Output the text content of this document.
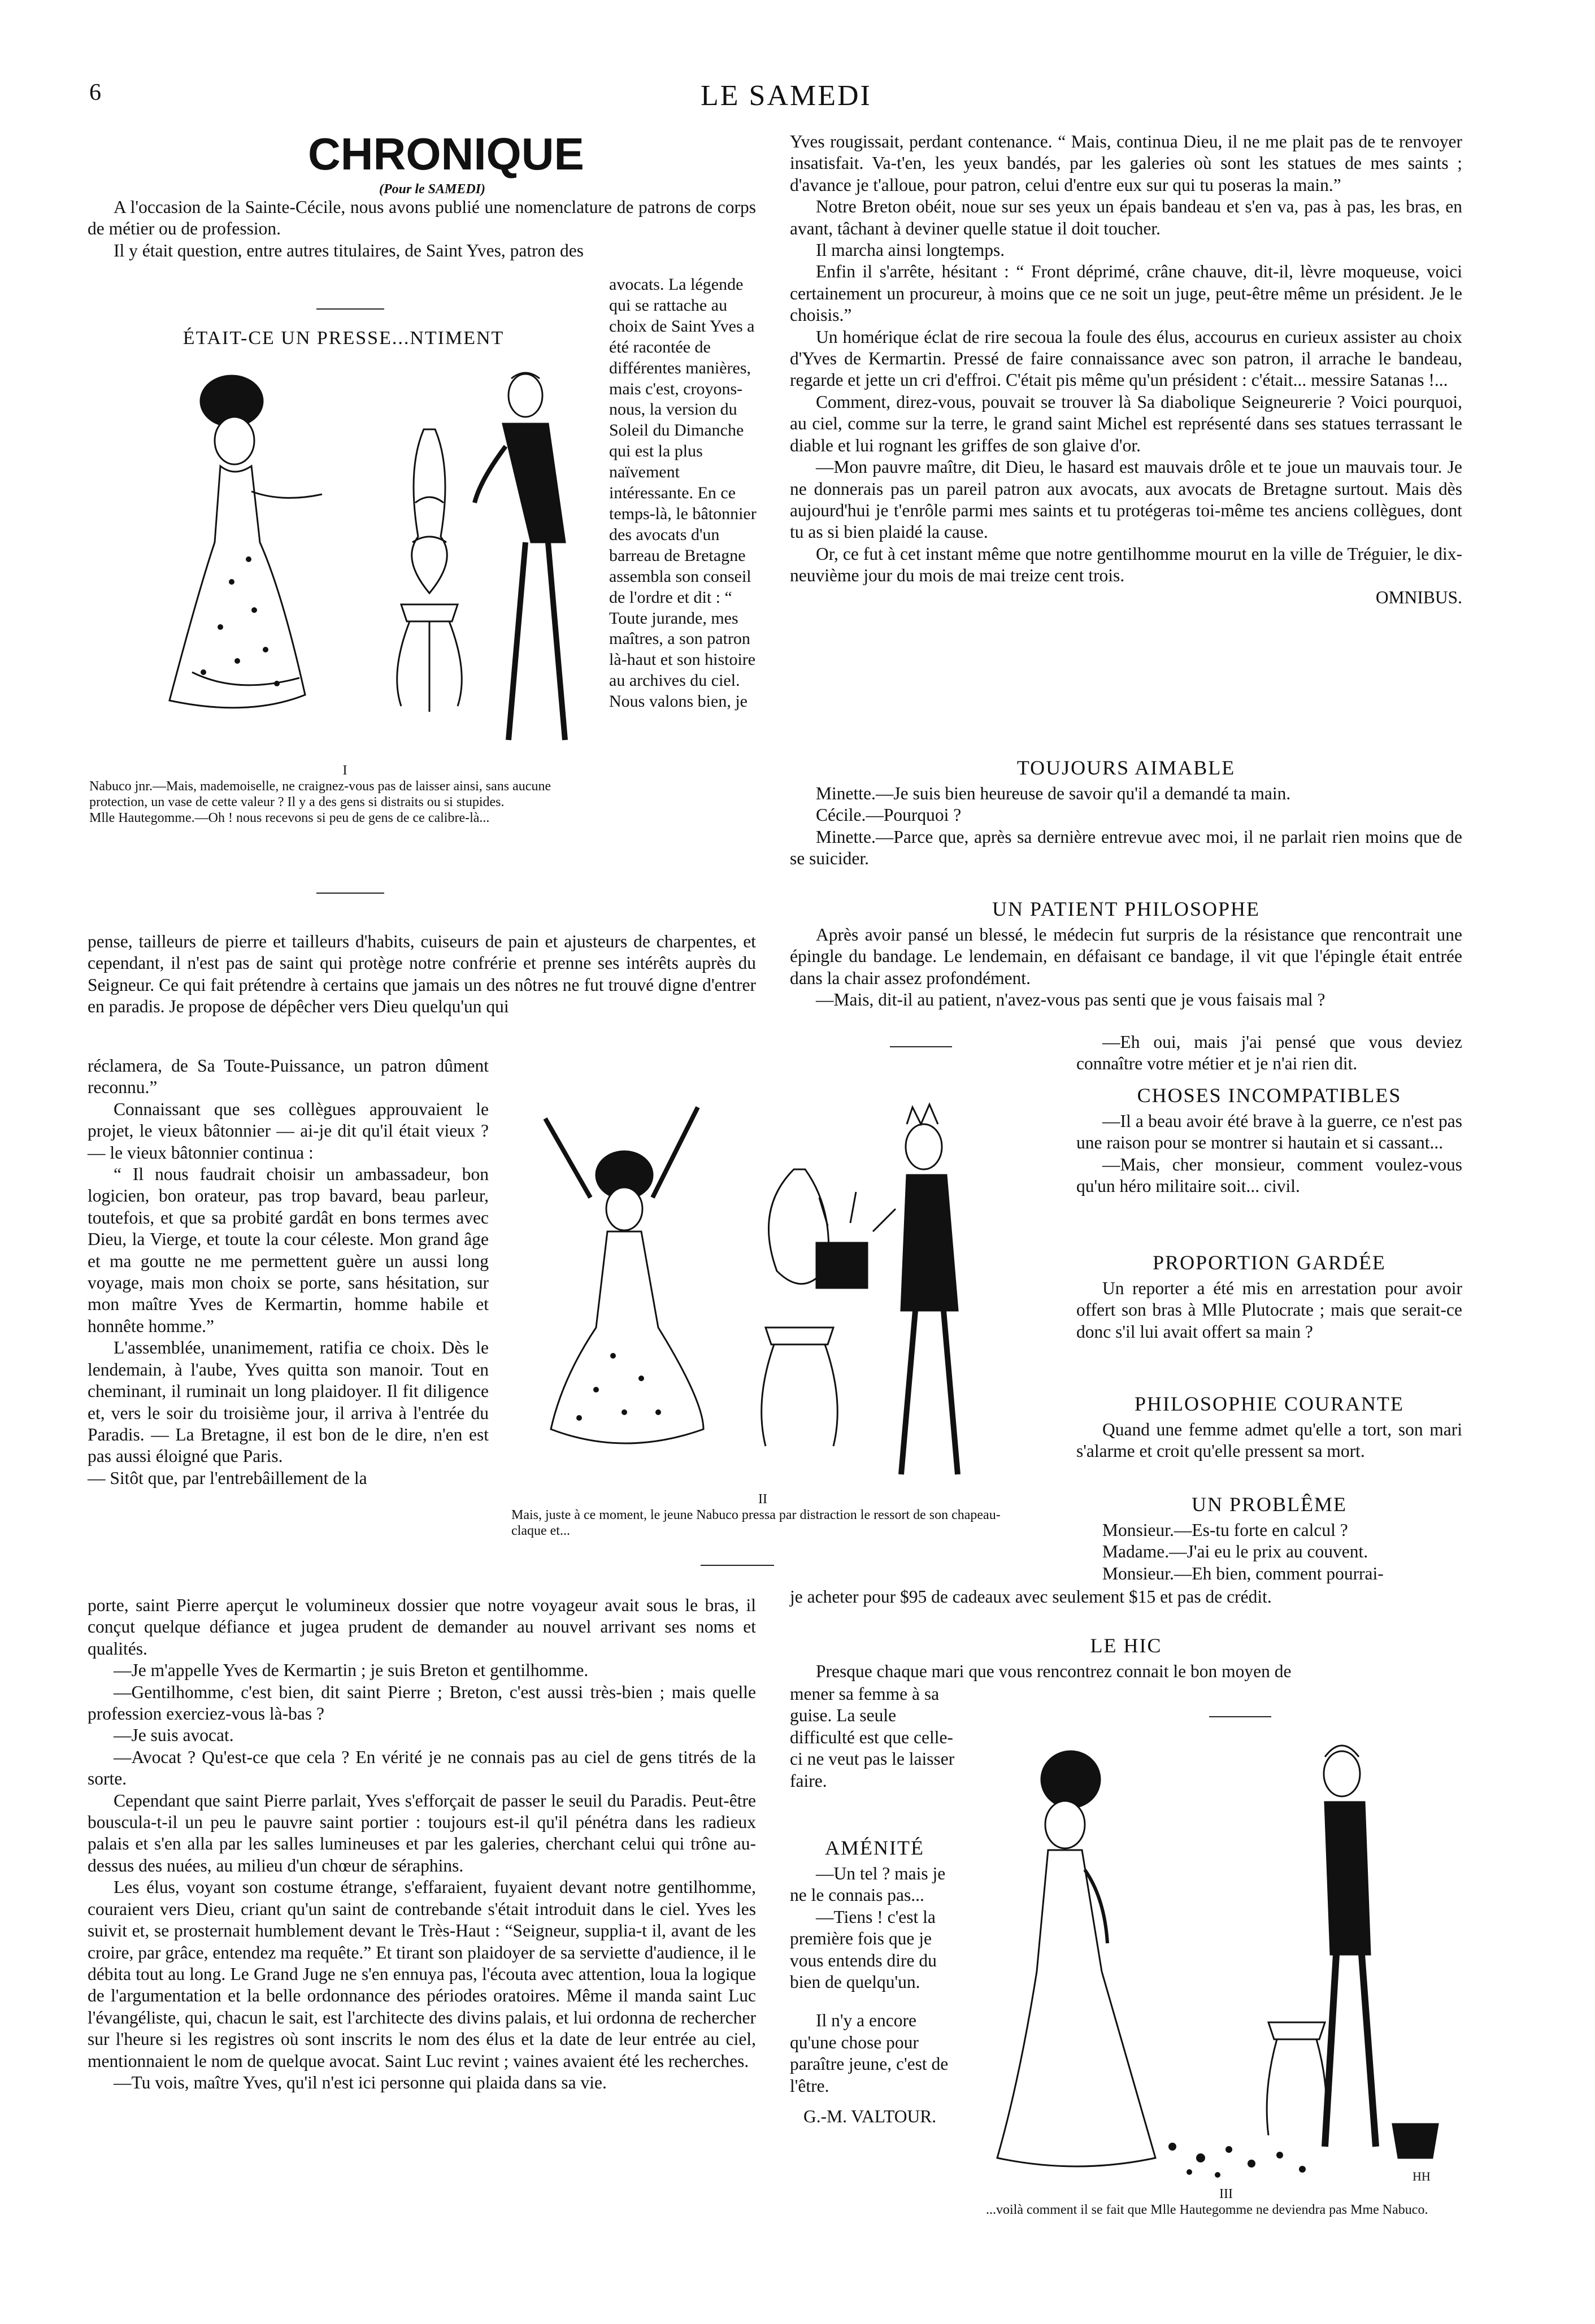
6	LE SAMEDI
CHRONIQUE
(Pour le SAMEDI)

A l'occasion de la Sainte-Cécile, nous avons publié une nomenclature de patrons de corps de métier ou de profession.

Il y était question, entre autres titulaires, de Saint Yves, patron des

ÉTAIT-CE UN PRESSE...NTIMENT

I

Nabuco jnr.—Mais, mademoiselle, ne craignez-vous pas de laisser ainsi, sans aucune protection, un vase de cette valeur ? Il y a des gens si distraits ou si stupides.

Mlle Hautegomme.—Oh ! nous recevons si peu de gens de ce calibre-là...

avocats. La légende qui se rattache au choix de Saint Yves a été racontée de différentes manières, mais c'est, croyons-nous, la version du Soleil du Dimanche qui est la plus naïvement intéressante. En ce temps-là, le bâtonnier des avocats d'un barreau de Bretagne assembla son conseil de l'ordre et dit : “ Toute jurande, mes maîtres, a son patron là-haut et son histoire au archives du ciel. Nous valons bien, je

pense, tailleurs de pierre et tailleurs d'habits, cuiseurs de pain et ajusteurs de charpentes, et cependant, il n'est pas de saint qui protège notre confrérie et prenne ses intérêts auprès du Seigneur. Ce qui fait prétendre à certains que jamais un des nôtres ne fut trouvé digne d'entrer en paradis. Je propose de dépêcher vers Dieu quelqu'un qui

réclamera, de Sa Toute-Puissance, un patron dûment reconnu.”

Connaissant que ses collègues approuvaient le projet, le vieux bâtonnier — ai-je dit qu'il était vieux ? — le vieux bâtonnier continua :

“ Il nous faudrait choisir un ambassadeur, bon logicien, bon orateur, pas trop bavard, beau parleur, toutefois, et que sa probité gardât en bons termes avec Dieu, la Vierge, et toute la cour céleste. Mon grand âge et ma goutte ne me permettent guère un aussi long voyage, mais mon choix se porte, sans hésitation, sur mon maître Yves de Kermartin, homme habile et honnête homme.”

L'assemblée, unanimement, ratifia ce choix. Dès le lendemain, à l'aube, Yves quitta son manoir. Tout en cheminant, il ruminait un long plaidoyer. Il fit diligence et, vers le soir du troisième jour, il arriva à l'entrée du Paradis. — La Bretagne, il est bon de le dire, n'en est pas aussi éloigné que Paris.

— Sitôt que, par l'entrebâillement de la

II

Mais, juste à ce moment, le jeune Nabuco pressa par distraction le ressort de son chapeau-claque et...

porte, saint Pierre aperçut le volumineux dossier que notre voyageur avait sous le bras, il conçut quelque défiance et jugea prudent de demander au nouvel arrivant ses noms et qualités.

—Je m'appelle Yves de Kermartin ; je suis Breton et gentilhomme.

—Gentilhomme, c'est bien, dit saint Pierre ; Breton, c'est aussi très-bien ; mais quelle profession exerciez-vous là-bas ?

—Je suis avocat.

—Avocat ? Qu'est-ce que cela ? En vérité je ne connais pas au ciel de gens titrés de la sorte.

Cependant que saint Pierre parlait, Yves s'efforçait de passer le seuil du Paradis. Peut-être bouscula-t-il un peu le pauvre saint portier : toujours est-il qu'il pénétra dans les radieux palais et s'en alla par les salles lumineuses et par les galeries, cherchant celui qui trône au-dessus des nuées, au milieu d'un chœur de séraphins.

Les élus, voyant son costume étrange, s'effaraient, fuyaient devant notre gentilhomme, couraient vers Dieu, criant qu'un saint de contrebande s'était introduit dans le ciel. Yves les suivit et, se prosternait humblement devant le Très-Haut : “Seigneur, supplia-t il, avant de les croire, par grâce, entendez ma requête.” Et tirant son plaidoyer de sa serviette d'audience, il le débita tout au long. Le Grand Juge ne s'en ennuya pas, l'écouta avec attention, loua la logique de l'argumentation et la belle ordonnance des périodes oratoires. Même il manda saint Luc l'évangéliste, qui, chacun le sait, est l'architecte des divins palais, et lui ordonna de rechercher sur l'heure si les registres où sont inscrits le nom des élus et la date de leur entrée au ciel, mentionnaient le nom de quelque avocat. Saint Luc revint ; vaines avaient été les recherches.

—Tu vois, maître Yves, qu'il n'est ici personne qui plaida dans sa vie.

Yves rougissait, perdant contenance. “ Mais, continua Dieu, il ne me plait pas de te renvoyer insatisfait. Va-t'en, les yeux bandés, par les galeries où sont les statues de mes saints ; d'avance je t'alloue, pour patron, celui d'entre eux sur qui tu poseras la main.”

Notre Breton obéit, noue sur ses yeux un épais bandeau et s'en va, pas à pas, les bras, en avant, tâchant à deviner quelle statue il doit toucher.

Il marcha ainsi longtemps.

Enfin il s'arrête, hésitant : “ Front déprimé, crâne chauve, dit-il, lèvre moqueuse, voici certainement un procureur, à moins que ce ne soit un juge, peut-être même un président. Je le choisis.”

Un homérique éclat de rire secoua la foule des élus, accourus en curieux assister au choix d'Yves de Kermartin. Pressé de faire connaissance avec son patron, il arrache le bandeau, regarde et jette un cri d'effroi. C'était pis même qu'un président : c'était... messire Satanas !...

Comment, direz-vous, pouvait se trouver là Sa diabolique Seigneurerie ? Voici pourquoi, au ciel, comme sur la terre, le grand saint Michel est représenté dans ses statues terrassant le diable et lui rognant les griffes de son glaive d'or.

—Mon pauvre maître, dit Dieu, le hasard est mauvais drôle et te joue un mauvais tour. Je ne donnerais pas un pareil patron aux avocats, aux avocats de Bretagne surtout. Mais dès aujourd'hui je t'enrôle parmi mes saints et tu protégeras toi-même tes anciens collègues, dont tu as si bien plaidé la cause.

Or, ce fut à cet instant même que notre gentilhomme mourut en la ville de Tréguier, le dix-neuvième jour du mois de mai treize cent trois.

OMNIBUS.

TOUJOURS AIMABLE

Minette.—Je suis bien heureuse de savoir qu'il a demandé ta main.

Cécile.—Pourquoi ?

Minette.—Parce que, après sa dernière entrevue avec moi, il ne parlait rien moins que de se suicider.

UN PATIENT PHILOSOPHE

Après avoir pansé un blessé, le médecin fut surpris de la résistance que rencontrait une épingle du bandage. Le lendemain, en défaisant ce bandage, il vit que l'épingle était entrée dans la chair assez profondément.

—Mais, dit-il au patient, n'avez-vous pas senti que je vous faisais mal ?

—Eh oui, mais j'ai pensé que vous deviez connaître votre métier et je n'ai rien dit.

CHOSES INCOMPATIBLES

—Il a beau avoir été brave à la guerre, ce n'est pas une raison pour se montrer si hautain et si cassant...

—Mais, cher monsieur, comment voulez-vous qu'un héro militaire soit... civil.

PROPORTION GARDÉE

Un reporter a été mis en arrestation pour avoir offert son bras à Mlle Plutocrate ; mais que serait-ce donc s'il lui avait offert sa main ?

PHILOSOPHIE COURANTE

Quand une femme admet qu'elle a tort, son mari s'alarme et croit qu'elle pressent sa mort.

UN PROBLÊME

Monsieur.—Es-tu forte en calcul ?

Madame.—J'ai eu le prix au couvent.

Monsieur.—Eh bien, comment pourrai-

je acheter pour $95 de cadeaux avec seulement $15 et pas de crédit.

LE HIC

Presque chaque mari que vous rencontrez connait le bon moyen de

mener sa femme à sa guise. La seule difficulté est que celle-ci ne veut pas le laisser faire.

AMÉNITÉ

—Un tel ? mais je ne le connais pas...

—Tiens ! c'est la première fois que je vous entends dire du bien de quelqu'un.

Il n'y a encore qu'une chose pour paraître jeune, c'est de l'être.

G.-M. VALTOUR.

HH

III

...voilà comment il se fait que Mlle Hautegomme ne deviendra pas Mme Nabuco.
